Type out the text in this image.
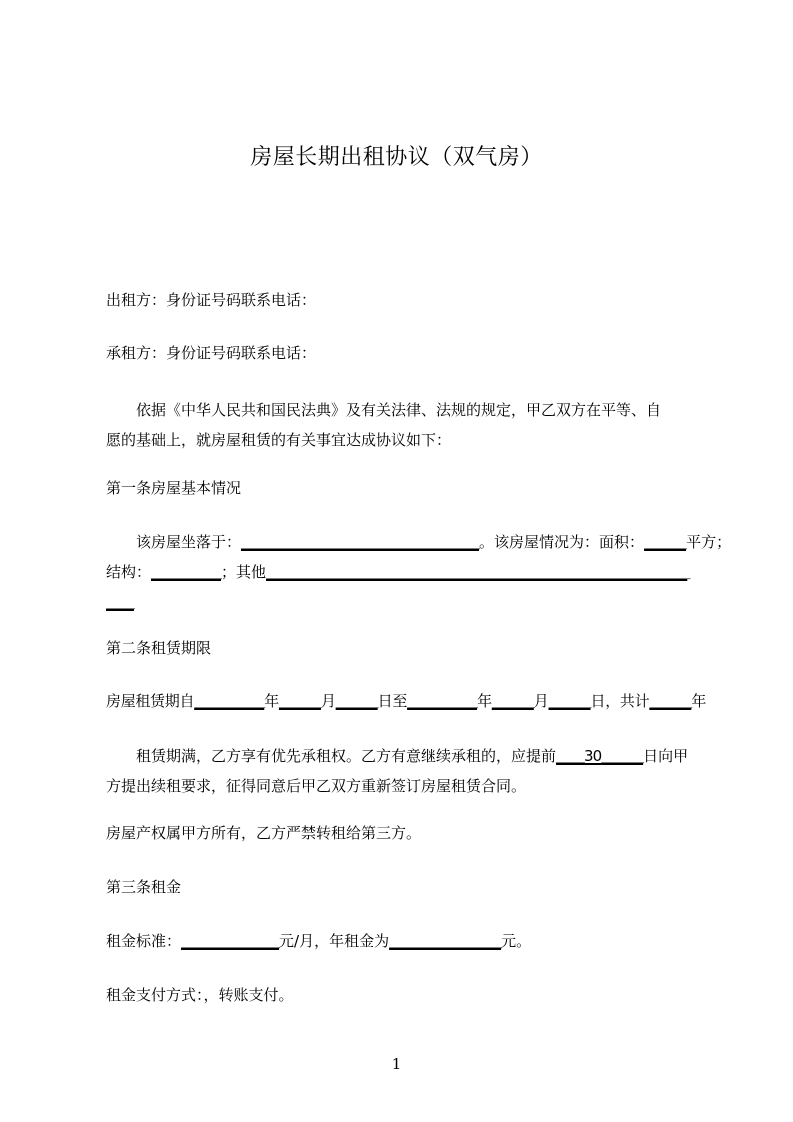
房屋长期出租协议（双气房）

出租方：身份证号码联系电话：

承租方：身份证号码联系电话：

依据《中华人民共和国民法典》及有关法律、法规的规定，甲乙双方在平等、自
愿的基础上，就房屋租赁的有关事宜达成协议如下：

第一条房屋基本情况

该房屋坐落于：＿＿＿＿＿＿＿＿＿＿＿＿＿＿＿＿＿。该房屋情况为：面积：＿＿＿平方；
结构：＿＿＿＿＿；其他＿＿＿＿＿＿＿＿＿＿＿＿＿＿＿＿＿＿＿＿＿＿＿＿＿＿＿＿＿＿＿＿＿＿＿＿
＿＿

第二条租赁期限

房屋租赁期自＿＿＿＿＿年＿＿＿月＿＿＿日至＿＿＿＿＿年＿＿＿月＿＿＿日，共计＿＿＿年

租赁期满，乙方享有优先承租权。乙方有意继续承租的，应提前＿＿30＿＿＿日向甲
方提出续租要求，征得同意后甲乙双方重新签订房屋租赁合同。

房屋产权属甲方所有，乙方严禁转租给第三方。

第三条租金

租金标准：＿＿＿＿＿＿＿元/月，年租金为＿＿＿＿＿＿＿＿元。

租金支付方式：，转账支付。

1
